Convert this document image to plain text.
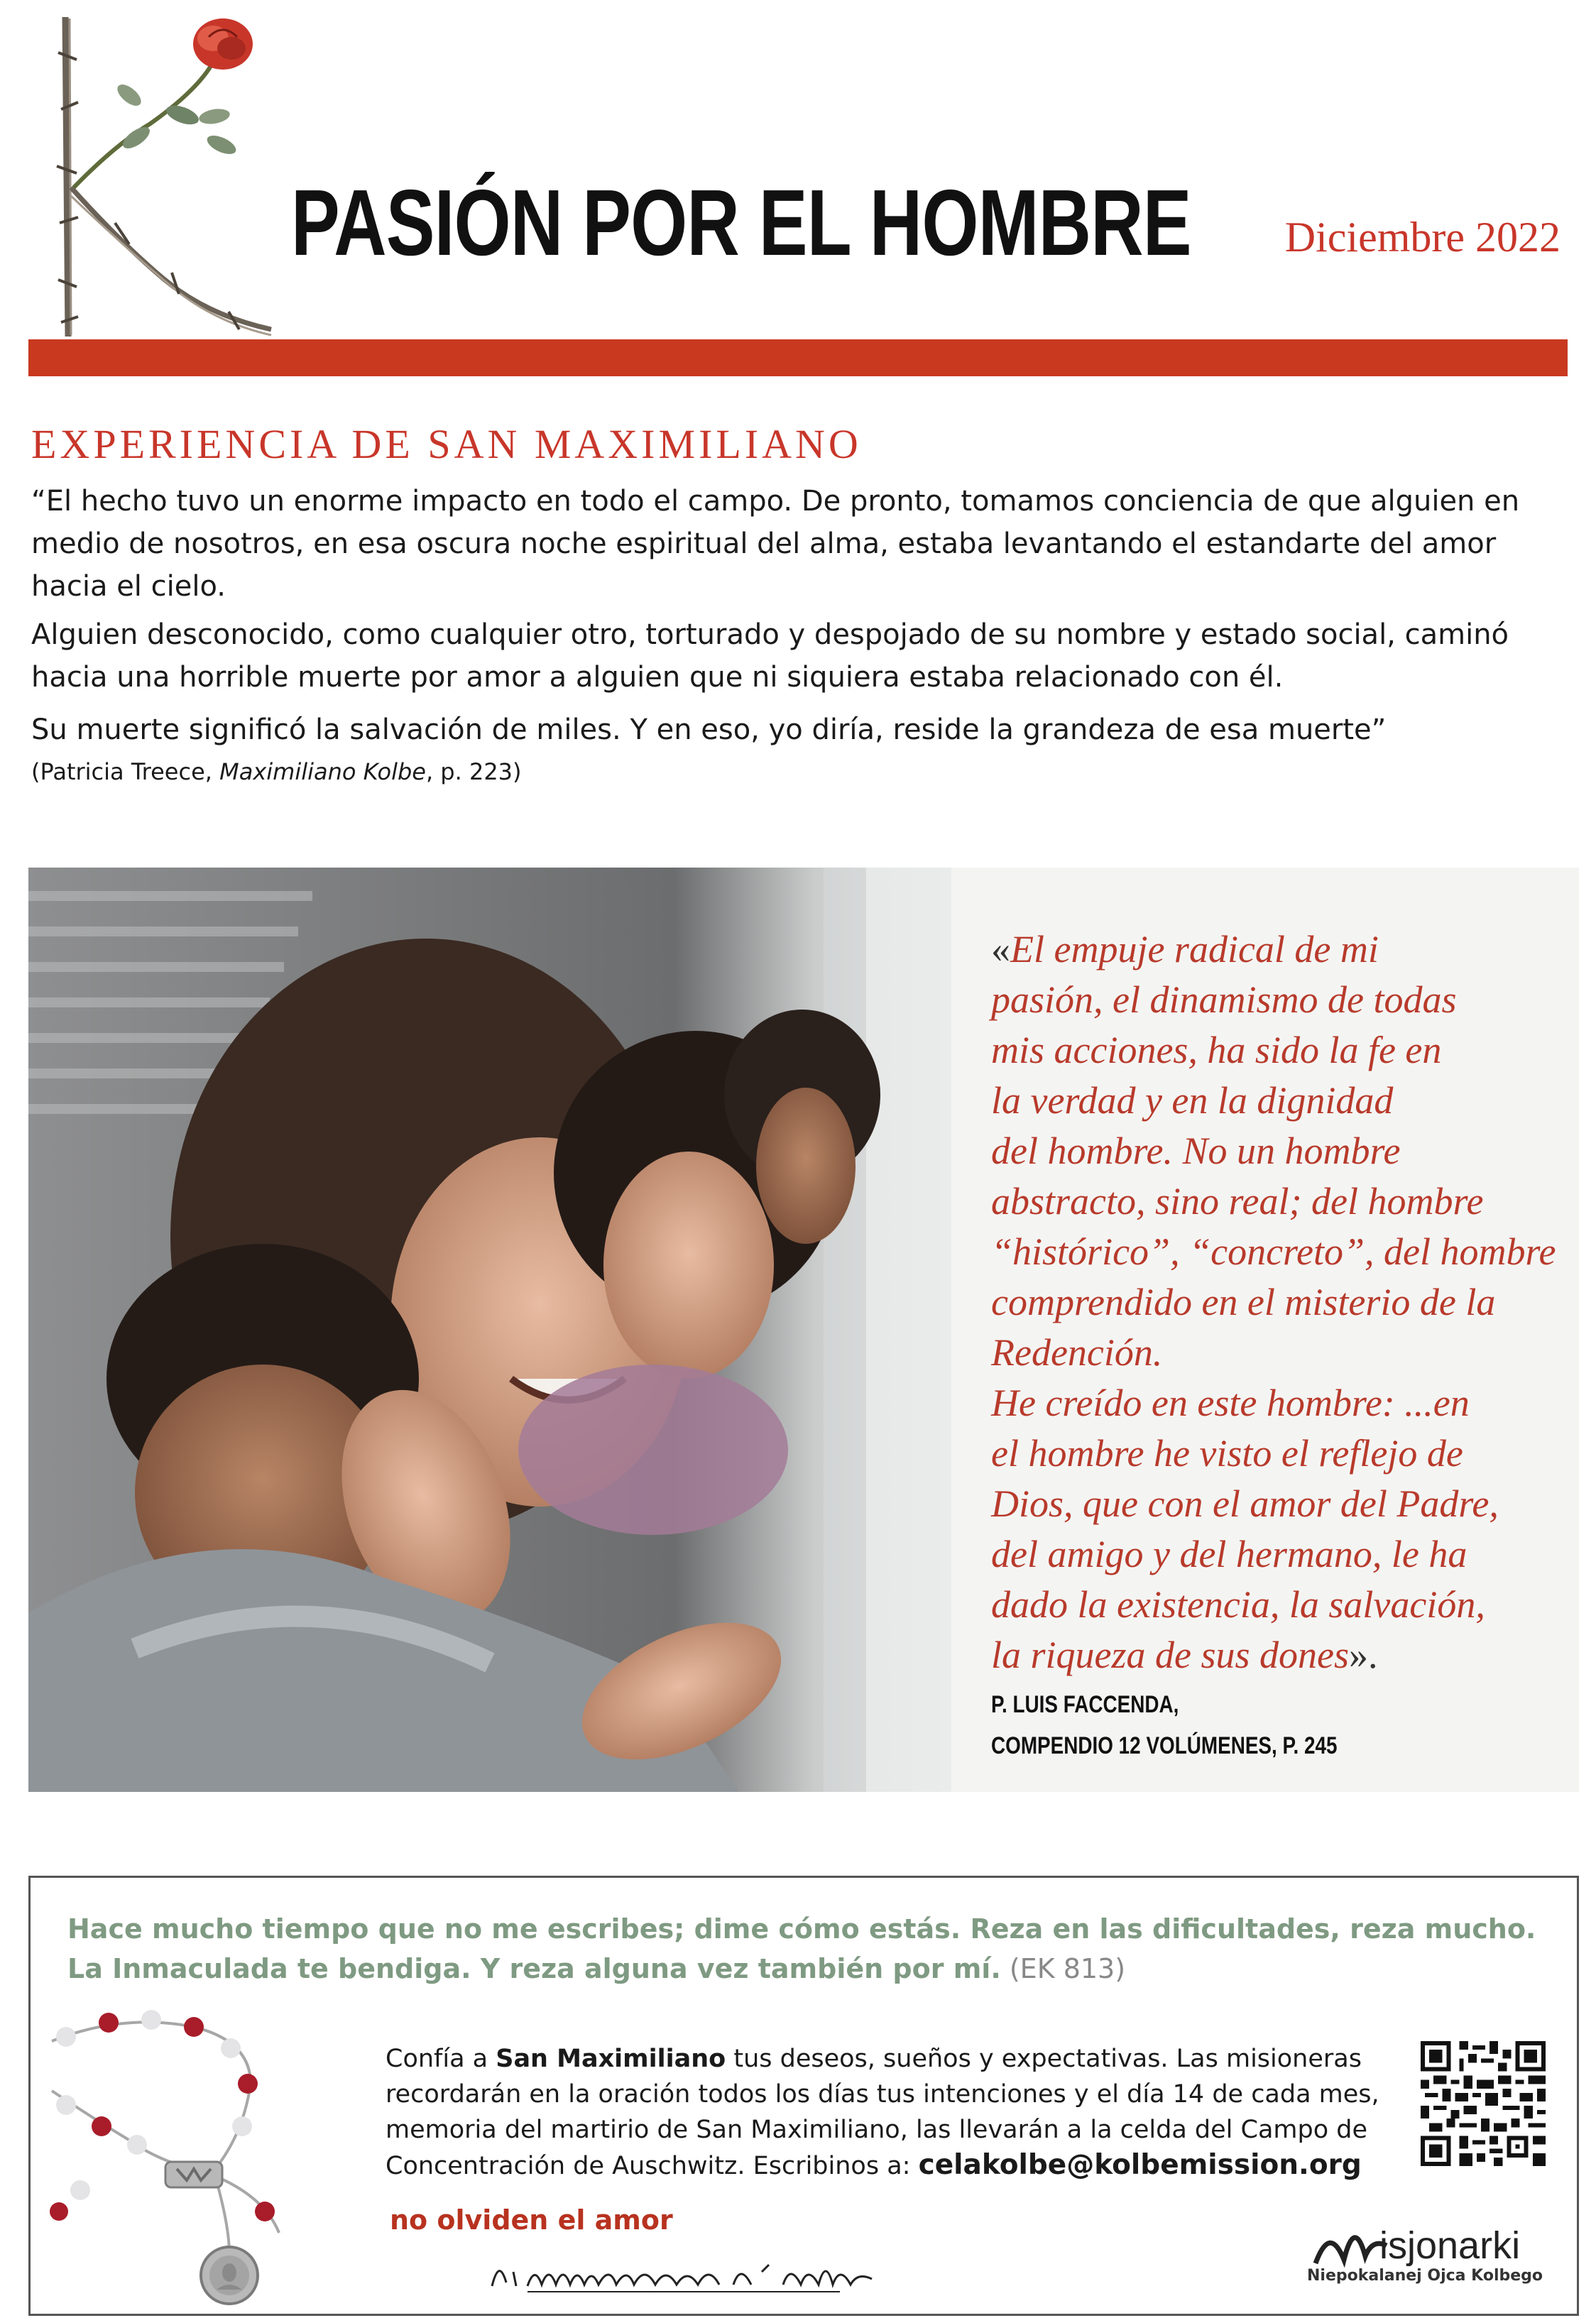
PASIÓN POR EL HOMBRE Diciembre 2022
EXPERIENCIA DE SAN MAXIMILIANO

“El hecho tuvo un enorme impacto en todo el campo. De pronto, tomamos conciencia de que alguien en medio de nosotros, en esa oscura noche espiritual del alma, estaba levantando el estandarte del amor hacia el cielo.

Alguien desconocido, como cualquier otro, torturado y despojado de su nombre y estado social, caminó hacia una horrible muerte por amor a alguien que ni siquiera estaba relacionado con él.

Su muerte significó la salvación de miles. Y en eso, yo diría, reside la grandeza de esa muerte”

(Patricia Treece, Maximiliano Kolbe, p. 223)
«El empuje radical de mi
pasión, el dinamismo de todas
mis acciones, ha sido la fe en
la verdad y en la dignidad
del hombre. No un hombre
abstracto, sino real; del hombre
“histórico”, “concreto”, del hombre
comprendido en el misterio de la
Redención.
He creído en este hombre: ...en
el hombre he visto el reflejo de
Dios, que con el amor del Padre,
del amigo y del hermano, le ha
dado la existencia, la salvación,
la riqueza de sus dones».
P. LUIS FACCENDA,
COMPENDIO 12 VOLÚMENES, P. 245

Hace mucho tiempo que no me escribes; dime cómo estás. Reza en las dificultades, reza mucho. La Inmaculada te bendiga. Y reza alguna vez también por mí. (EK 813)

Confía a San Maximiliano tus deseos, sueños y expectativas. Las misioneras recordarán en la oración todos los días tus intenciones y el día 14 de cada mes, memoria del martirio de San Maximiliano, las llevarán a la celda del Campo de Concentración de Auschwitz. Escribinos a: celakolbe@kolbemission.org

no olviden el amor
isjonarki
Niepokalanej Ojca Kolbego
